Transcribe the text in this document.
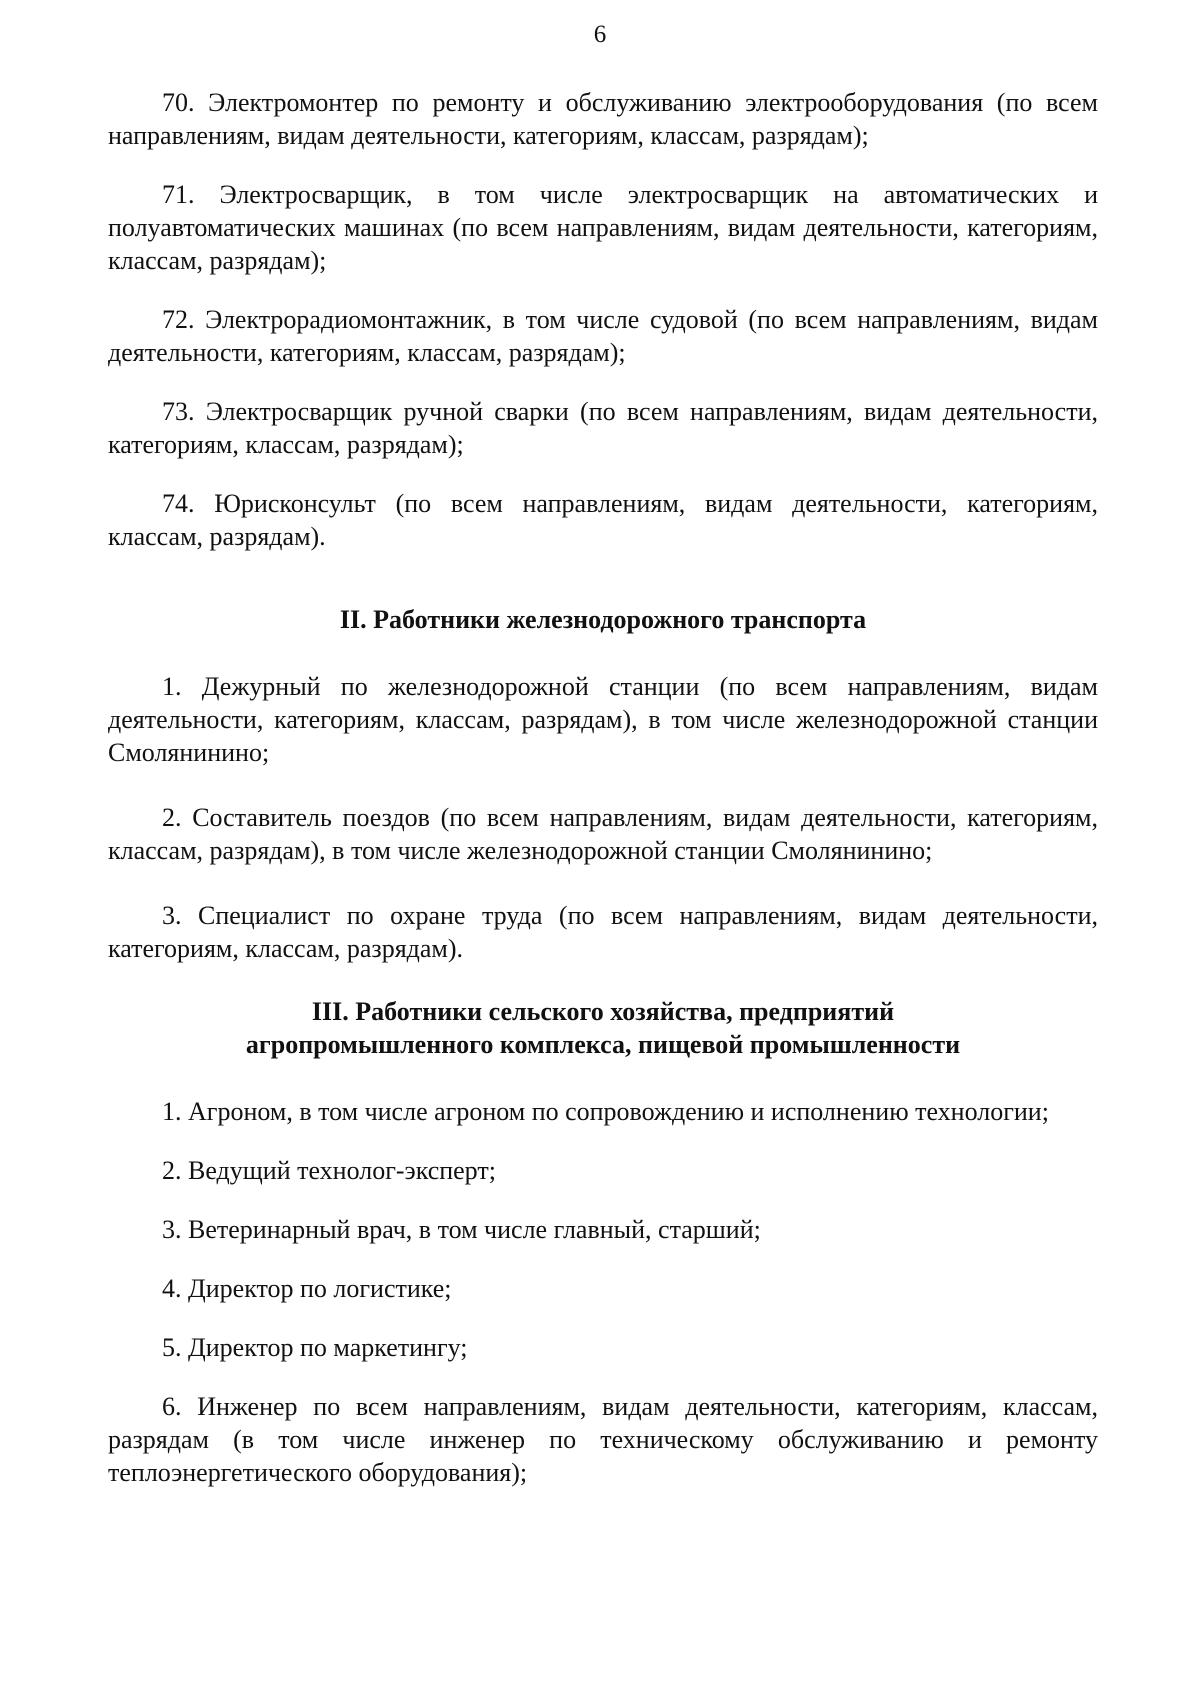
6

70. Электромонтер по ремонту и обслуживанию электрооборудования (по всем направлениям, видам деятельности, категориям, классам, разрядам);

71. Электросварщик, в том числе электросварщик на автоматических и полуавтоматических машинах (по всем направлениям, видам деятельности, категориям, классам, разрядам);

72. Электрорадиомонтажник, в том числе судовой (по всем направлениям, видам деятельности, категориям, классам, разрядам);

73. Электросварщик ручной сварки (по всем направлениям, видам деятельности, категориям, классам, разрядам);

74. Юрисконсульт (по всем направлениям, видам деятельности, категориям, классам, разрядам).

II. Работники железнодорожного транспорта

1. Дежурный по железнодорожной станции (по всем направлениям, видам деятельности, категориям, классам, разрядам), в том числе железнодорожной станции Смолянинино;

2. Составитель поездов (по всем направлениям, видам деятельности, категориям, классам, разрядам), в том числе железнодорожной станции Смолянинино;

3. Специалист по охране труда (по всем направлениям, видам деятельности, категориям, классам, разрядам).

III. Работники сельского хозяйства, предприятий

агропромышленного комплекса, пищевой промышленности

1. Агроном, в том числе агроном по сопровождению и исполнению технологии;

2. Ведущий технолог-эксперт;

3. Ветеринарный врач, в том числе главный, старший;

4. Директор по логистике;

5. Директор по маркетингу;

6. Инженер по всем направлениям, видам деятельности, категориям, классам, разрядам (в том числе инженер по техническому обслуживанию и ремонту теплоэнергетического оборудования);
